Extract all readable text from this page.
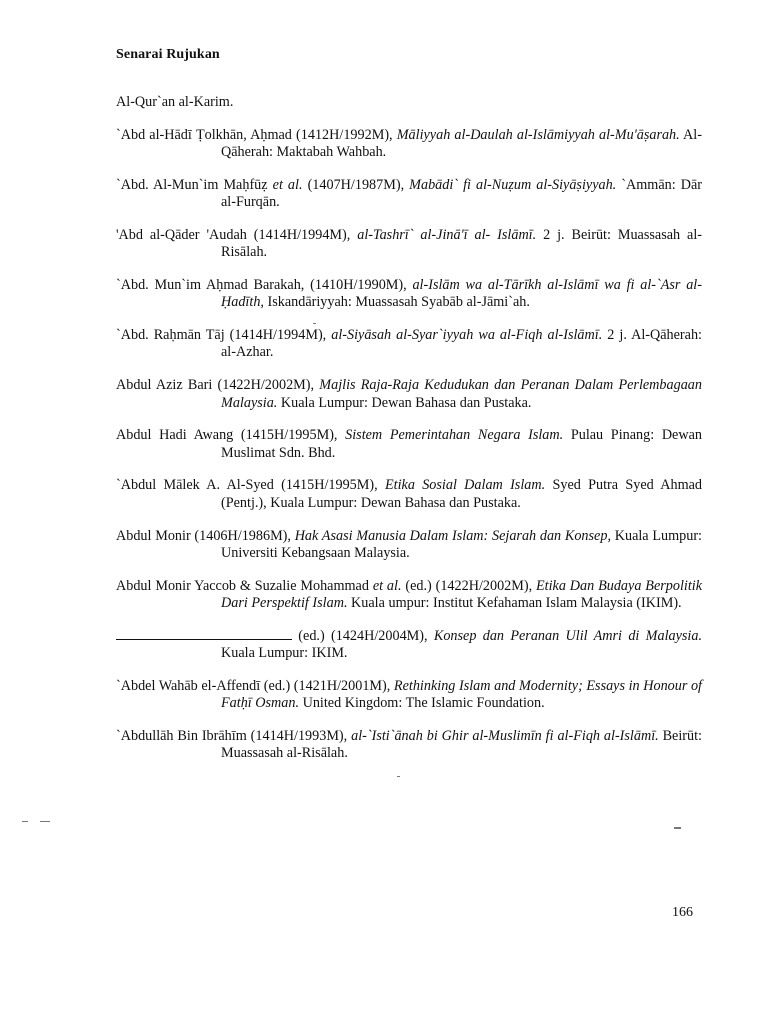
Senarai Rujukan
Al-Qur`an al-Karim.
`Abd al-Hādī Ṭolkhān, Aḥmad (1412H/1992M), Māliyyah al-Daulah al-Islāmiyyah al-Mu'āṣarah. Al-Qāherah: Maktabah Wahbah.
`Abd. Al-Mun`im Maḥfūẓ et al. (1407H/1987M), Mabādi` fi al-Nuẓum al-Siyāṣiyyah. `Ammān: Dār al-Furqān.
'Abd al-Qāder 'Audah (1414H/1994M), al-Tashrī` al-Jinā'ī al- Islāmī. 2 j. Beirūt: Muassasah al-Risālah.
`Abd. Mun`im Aḥmad Barakah, (1410H/1990M), al-Islām wa al-Tārīkh al-Islāmī wa fi al-`Asr al-Ḥadīth, Iskandāriyyah: Muassasah Syabāb al-Jāmi`ah.
`Abd. Raḥmān Tāj (1414H/1994M), al-Siyāsah al-Syar`iyyah wa al-Fiqh al-Islāmī. 2 j. Al-Qāherah: al-Azhar.
Abdul Aziz Bari (1422H/2002M), Majlis Raja-Raja Kedudukan dan Peranan Dalam Perlembagaan Malaysia. Kuala Lumpur: Dewan Bahasa dan Pustaka.
Abdul Hadi Awang (1415H/1995M), Sistem Pemerintahan Negara Islam. Pulau Pinang: Dewan Muslimat Sdn. Bhd.
`Abdul Mālek A. Al-Syed (1415H/1995M), Etika Sosial Dalam Islam. Syed Putra Syed Ahmad (Pentj.), Kuala Lumpur: Dewan Bahasa dan Pustaka.
Abdul Monir (1406H/1986M), Hak Asasi Manusia Dalam Islam: Sejarah dan Konsep, Kuala Lumpur: Universiti Kebangsaan Malaysia.
Abdul Monir Yaccob & Suzalie Mohammad et al. (ed.) (1422H/2002M), Etika Dan Budaya Berpolitik Dari Perspektif Islam. Kuala umpur: Institut Kefahaman Islam Malaysia (IKIM).
(ed.) (1424H/2004M), Konsep dan Peranan Ulil Amri di Malaysia. Kuala Lumpur: IKIM.
`Abdel Wahāb el-Affendī (ed.) (1421H/2001M), Rethinking Islam and Modernity; Essays in Honour of Fatḥī Osman. United Kingdom: The Islamic Foundation.
`Abdullāh Bin Ibrāhīm (1414H/1993M), al-`Isti`ānah bi Ghir al-Muslimīn fi al-Fiqh al-Islāmī. Beirūt: Muassasah al-Risālah.
166
